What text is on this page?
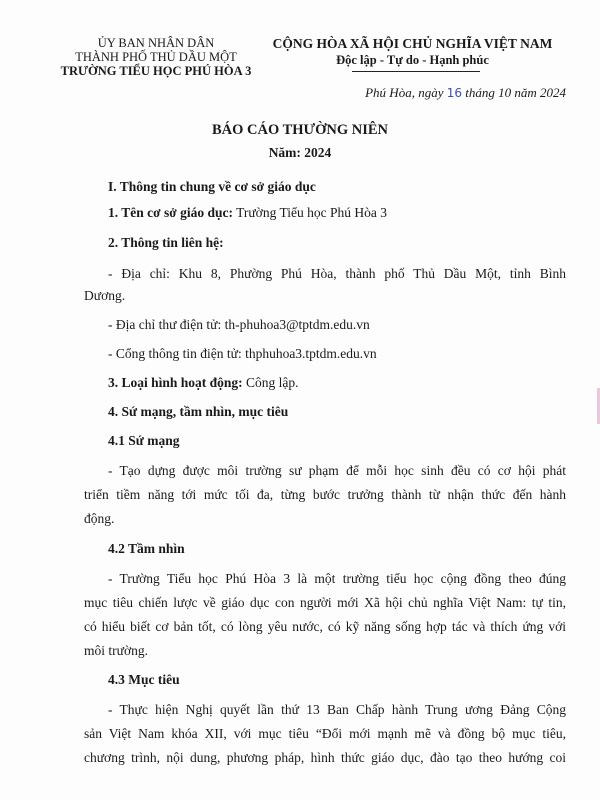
ỦY BAN NHÂN DÂN
THÀNH PHỐ THỦ DẦU MỘT
TRƯỜNG TIỂU HỌC PHÚ HÒA 3
CỘNG HÒA XÃ HỘI CHỦ NGHĨA VIỆT NAM
Độc lập - Tự do - Hạnh phúc
Phú Hòa, ngày 16 tháng 10 năm 2024
BÁO CÁO THƯỜNG NIÊN
Năm: 2024
I. Thông tin chung về cơ sở giáo dục
1. Tên cơ sở giáo dục: Trường Tiểu học Phú Hòa 3
2. Thông tin liên hệ:
- Địa chỉ: Khu 8, Phường Phú Hòa, thành phố Thủ Dầu Một, tỉnh Bình
Dương.
- Địa chỉ thư điện tử: th-phuhoa3@tptdm.edu.vn
- Cổng thông tin điện tử: thphuhoa3.tptdm.edu.vn
3. Loại hình hoạt động: Công lập.
4. Sứ mạng, tầm nhìn, mục tiêu
4.1 Sứ mạng
- Tạo dựng được môi trường sư phạm để mỗi học sinh đều có cơ hội phát
triển tiềm năng tới mức tối đa, từng bước trưởng thành từ nhận thức đến hành
động.
4.2 Tầm nhìn
- Trường Tiểu học Phú Hòa 3 là một trường tiểu học cộng đồng theo đúng
mục tiêu chiến lược về giáo dục con người mới Xã hội chủ nghĩa Việt Nam: tự tin,
có hiểu biết cơ bản tốt, có lòng yêu nước, có kỹ năng sống hợp tác và thích ứng với
môi trường.
4.3 Mục tiêu
- Thực hiện Nghị quyết lần thứ 13 Ban Chấp hành Trung ương Đảng Cộng
sản Việt Nam khóa XII, với mục tiêu “Đổi mới mạnh mẽ và đồng bộ mục tiêu,
chương trình, nội dung, phương pháp, hình thức giáo dục, đào tạo theo hướng coi
